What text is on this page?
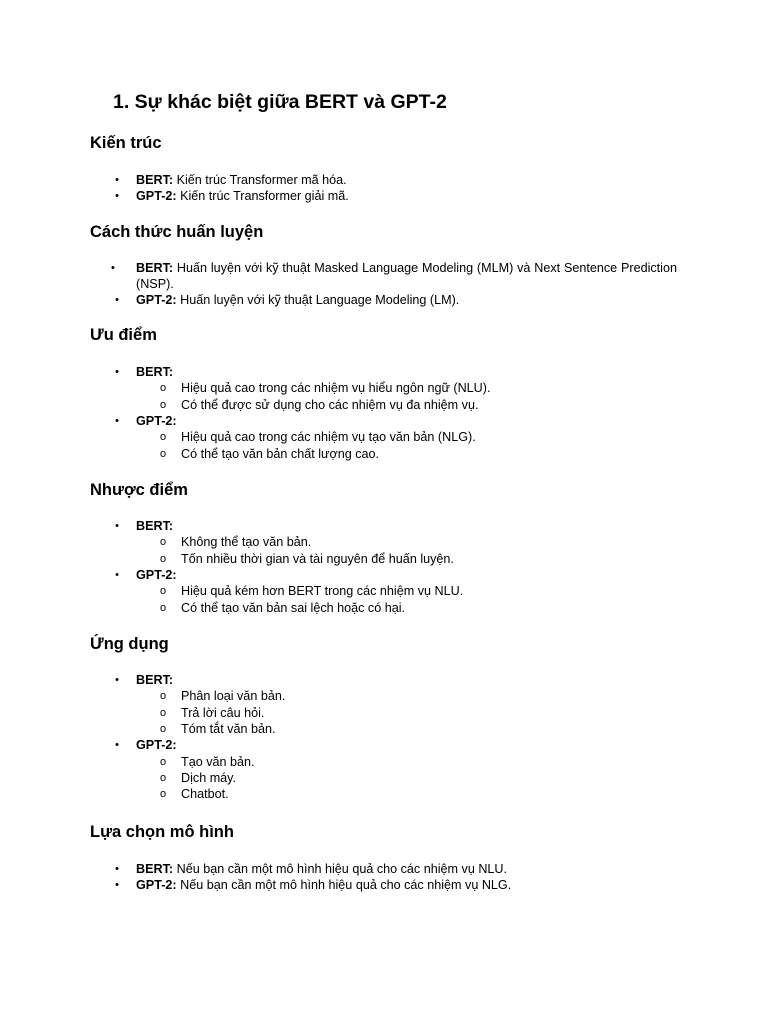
1. Sự khác biệt giữa BERT và GPT-2
Kiến trúc
•	BERT: Kiến trúc Transformer mã hóa.
•	GPT-2: Kiến trúc Transformer giải mã.
Cách thức huấn luyện
•	BERT: Huấn luyện với kỹ thuật Masked Language Modeling (MLM) và Next Sentence Prediction (NSP).
•	GPT-2: Huấn luyện với kỹ thuật Language Modeling (LM).
Ưu điểm
•	BERT:
o Hiệu quả cao trong các nhiệm vụ hiểu ngôn ngữ (NLU).
o Có thể được sử dụng cho các nhiệm vụ đa nhiệm vụ.
•	GPT-2:
o Hiệu quả cao trong các nhiệm vụ tạo văn bản (NLG).
o Có thể tạo văn bản chất lượng cao.
Nhược điểm
•	BERT:
o Không thể tạo văn bản.
o Tốn nhiều thời gian và tài nguyên để huấn luyện.
•	GPT-2:
o Hiệu quả kém hơn BERT trong các nhiệm vụ NLU.
o Có thể tạo văn bản sai lệch hoặc có hại.
Ứng dụng
•	BERT:
o Phân loại văn bản.
o Trả lời câu hỏi.
o Tóm tắt văn bản.
•	GPT-2:
o Tạo văn bản.
o Dịch máy.
o Chatbot.
Lựa chọn mô hình
•	BERT: Nếu bạn cần một mô hình hiệu quả cho các nhiệm vụ NLU.
•	GPT-2: Nếu bạn cần một mô hình hiệu quả cho các nhiệm vụ NLG.
